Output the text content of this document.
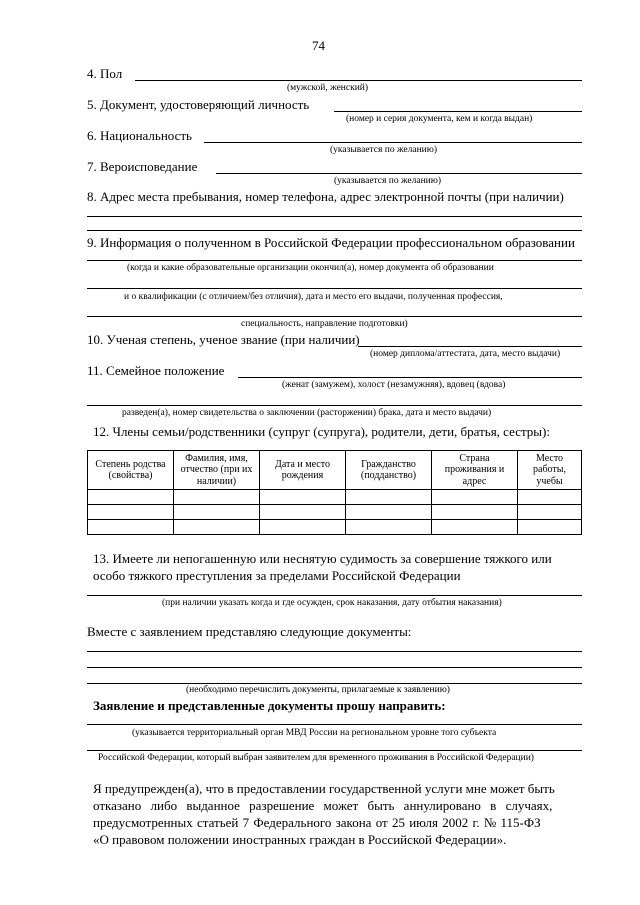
74
4. Пол
(мужской, женский)
5. Документ, удостоверяющий личность
(номер и серия документа, кем и когда выдан)
6. Национальность
(указывается по желанию)
7. Вероисповедание
(указывается по желанию)
8. Адрес места пребывания, номер телефона, адрес электронной почты (при наличии)
9. Информация о полученном в Российской Федерации профессиональном образовании
(когда и какие образовательные организации окончил(а), номер документа об образовании
и о квалификации (с отличием/без отличия), дата и место его выдачи, полученная профессия,
специальность, направление подготовки)
10. Ученая степень, ученое звание (при наличии)
(номер диплома/аттестата, дата, место выдачи)
11. Семейное положение
(женат (замужем), холост (незамужняя), вдовец (вдова)
разведен(а), номер свидетельства о заключении (расторжении) брака, дата и место выдачи)
12. Члены семьи/родственники (супруг (супруга), родители, дети, братья, сестры):
Степень родства (свойства)	Фамилия, имя, отчество (при их наличии)	Дата и место рождения	Гражданство (подданство)	Страна проживания и адрес	Место работы, учебы

13. Имеете ли непогашенную или неснятую судимость за совершение тяжкого или
особо тяжкого преступления за пределами Российской Федерации
(при наличии указать когда и где осужден, срок наказания, дату отбытия наказания)
Вместе с заявлением представляю следующие документы:
(необходимо перечислить документы, прилагаемые к заявлению)
Заявление и представленные документы прошу направить:
(указывается территориальный орган МВД России на региональном уровне того субъекта
Российской Федерации, который выбран заявителем для временного проживания в Российской Федерации)
Я предупрежден(а), что в предоставлении государственной услуги мне может быть
отказано либо выданное разрешение может быть аннулировано в случаях,
предусмотренных статьей 7 Федерального закона от 25 июля 2002 г. № 115-ФЗ
«О правовом положении иностранных граждан в Российской Федерации».
